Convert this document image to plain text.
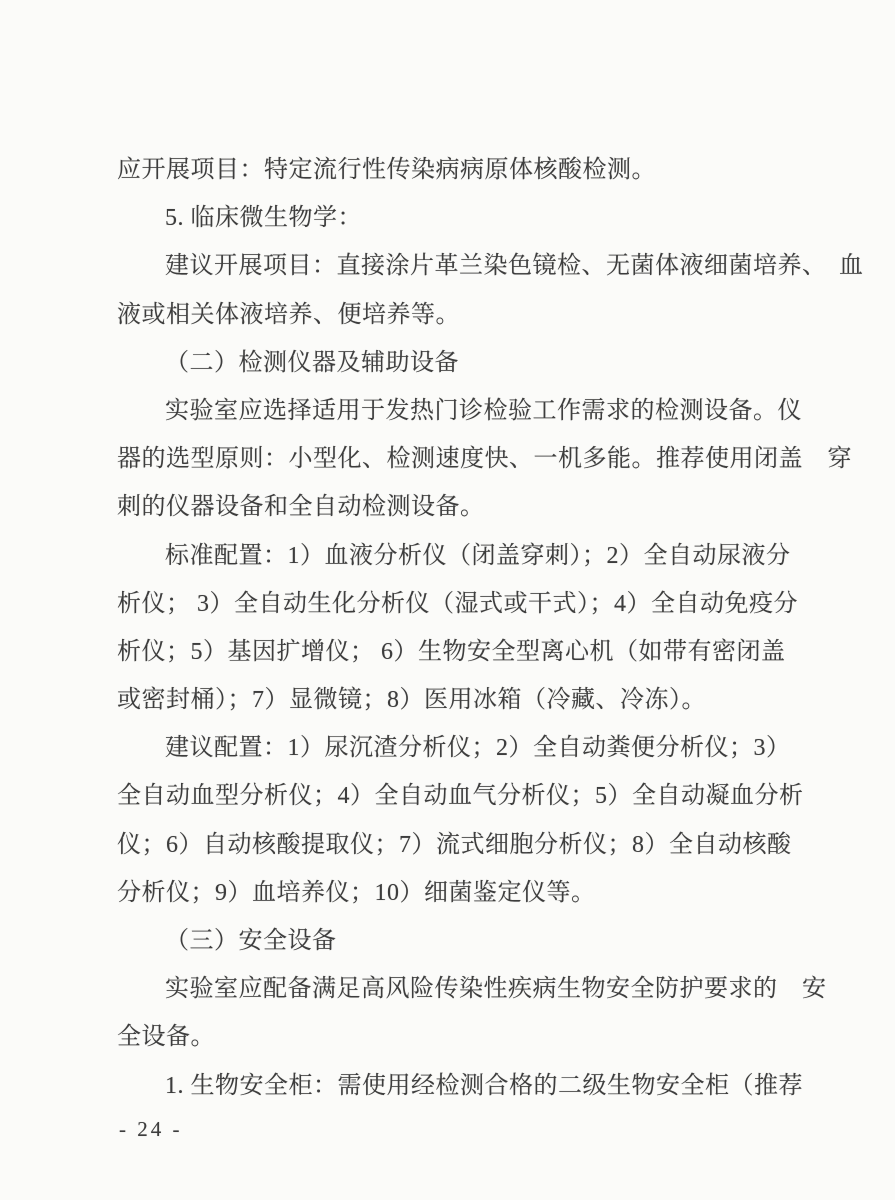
应开展项目：特定流行性传染病病原体核酸检测。
5. 临床微生物学：
建议开展项目：直接涂片革兰染色镜检、无菌体液细菌培养、　血
液或相关体液培养、便培养等。
（二）检测仪器及辅助设备
实验室应选择适用于发热门诊检验工作需求的检测设备。仪
器的选型原则：小型化、检测速度快、一机多能。推荐使用闭盖　穿
刺的仪器设备和全自动检测设备。
标准配置：1）血液分析仪（闭盖穿刺）；2）全自动尿液分
析仪； 3）全自动生化分析仪（湿式或干式）；4）全自动免疫分
析仪；5）基因扩增仪； 6）生物安全型离心机（如带有密闭盖
或密封桶）；7）显微镜；8）医用冰箱（冷藏、冷冻）。
建议配置：1）尿沉渣分析仪；2）全自动粪便分析仪；3）
全自动血型分析仪；4）全自动血气分析仪；5）全自动凝血分析
仪；6）自动核酸提取仪；7）流式细胞分析仪；8）全自动核酸
分析仪；9）血培养仪；10）细菌鉴定仪等。
（三）安全设备
实验室应配备满足高风险传染性疾病生物安全防护要求的　安
全设备。
1. 生物安全柜：需使用经检测合格的二级生物安全柜（推荐
- 24 -
